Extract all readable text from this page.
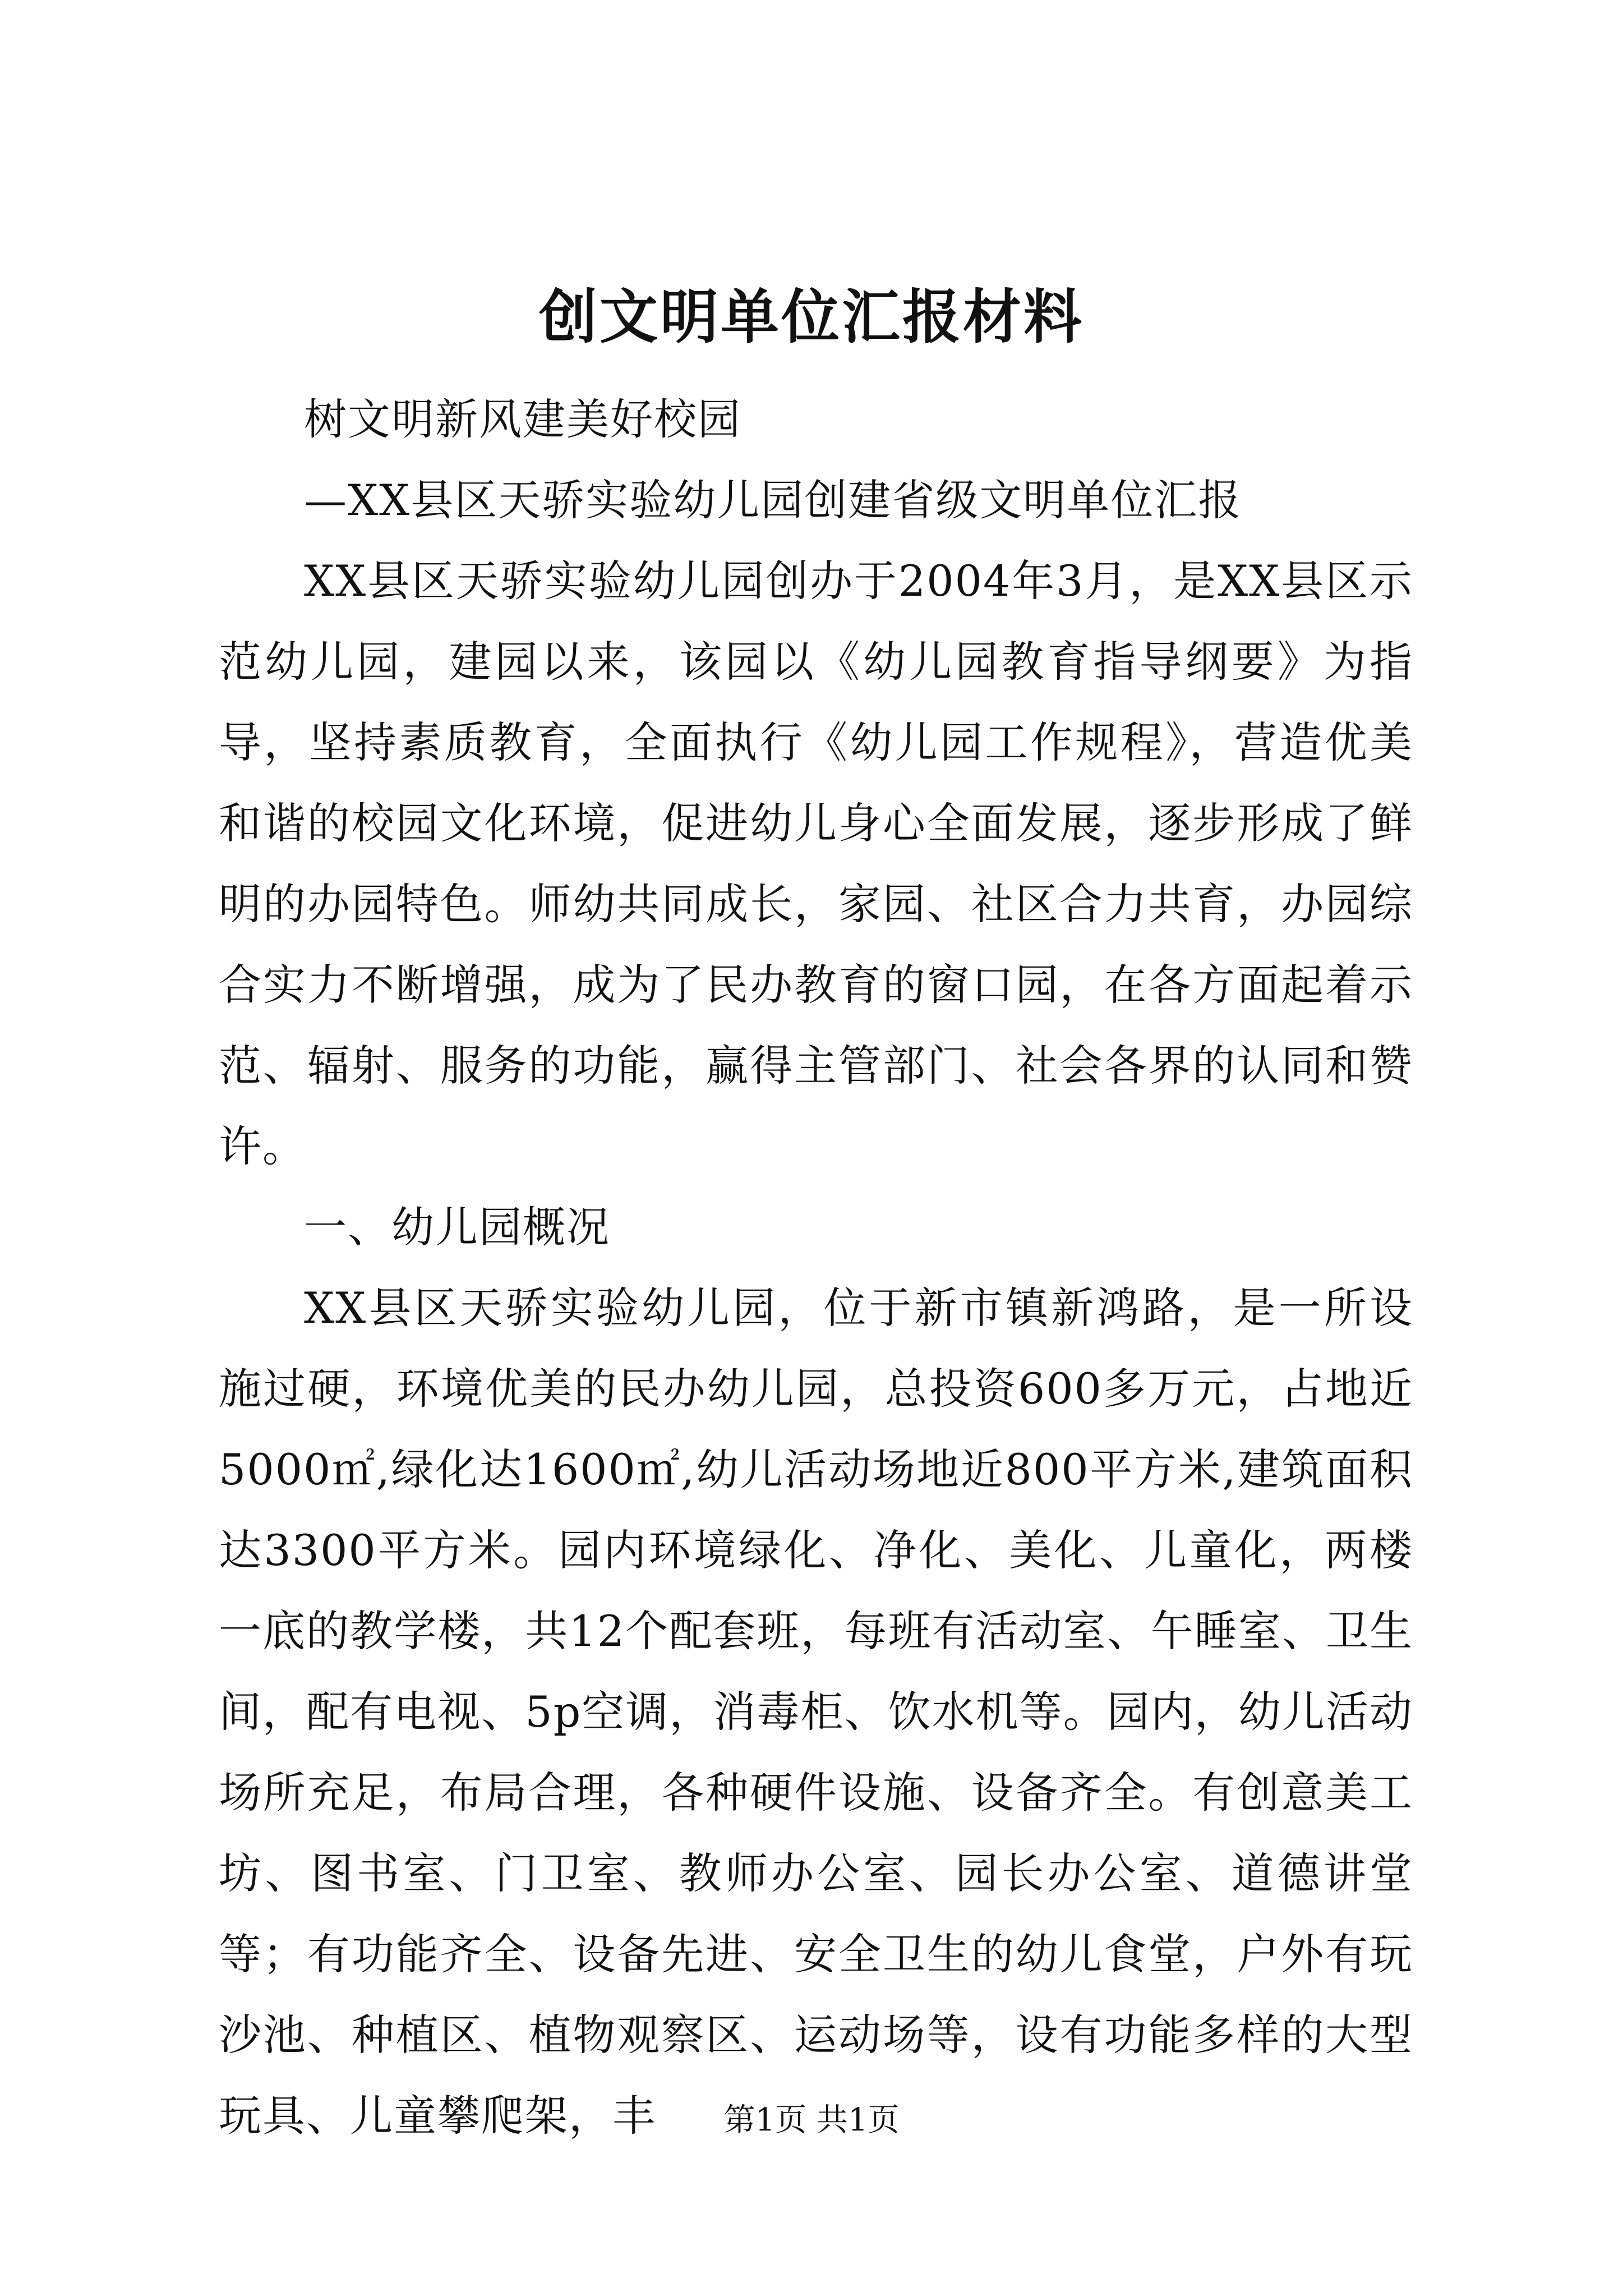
创文明单位汇报材料

树文明新风建美好校园

—XX县区天骄实验幼儿园创建省级文明单位汇报

XX县区天骄实验幼儿园创办于2004年3月，是XX县区示范幼儿园，建园以来，该园以《幼儿园教育指导纲要》为指导，坚持素质教育，全面执行《幼儿园工作规程》，营造优美和谐的校园文化环境，促进幼儿身心全面发展，逐步形成了鲜明的办园特色。师幼共同成长，家园、社区合力共育，办园综合实力不断增强，成为了民办教育的窗口园，在各方面起着示范、辐射、服务的功能，赢得主管部门、社会各界的认同和赞许。

一、幼儿园概况

XX县区天骄实验幼儿园，位于新市镇新鸿路，是一所设施过硬，环境优美的民办幼儿园，总投资600多万元，占地近5000㎡,绿化达1600㎡,幼儿活动场地近800平方米,建筑面积达3300平方米。园内环境绿化、净化、美化、儿童化，两楼一底的教学楼，共12个配套班，每班有活动室、午睡室、卫生间，配有电视、5p空调，消毒柜、饮水机等。园内，幼儿活动场所充足，布局合理，各种硬件设施、设备齐全。有创意美工坊、图书室、门卫室、教师办公室、园长办公室、道德讲堂等；有功能齐全、设备先进、安全卫生的幼儿食堂，户外有玩沙池、种植区、植物观察区、运动场等，设有功能多样的大型玩具、儿童攀爬架，丰	第1页 共1页
